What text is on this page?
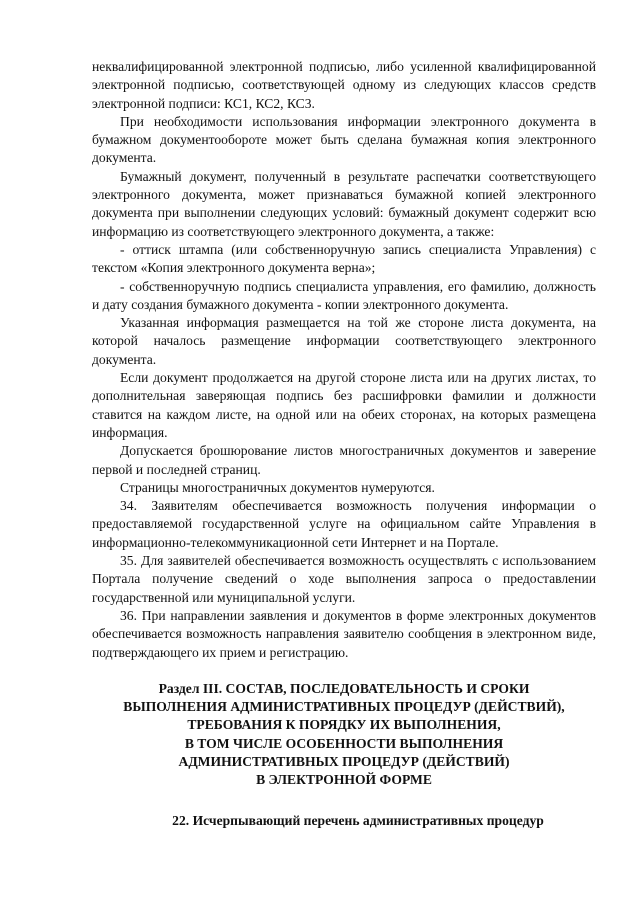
неквалифицированной электронной подписью, либо усиленной квалифицированной электронной подписью, соответствующей одному из следующих классов средств электронной подписи: КС1, КС2, КС3.

При необходимости использования информации электронного документа в бумажном документообороте может быть сделана бумажная копия электронного документа.

Бумажный документ, полученный в результате распечатки соответствующего электронного документа, может признаваться бумажной копией электронного документа при выполнении следующих условий: бумажный документ содержит всю информацию из соответствующего электронного документа, а также:

- оттиск штампа (или собственноручную запись специалиста Управления) с текстом «Копия электронного документа верна»;

- собственноручную подпись специалиста управления, его фамилию, должность и дату создания бумажного документа - копии электронного документа.

Указанная информация размещается на той же стороне листа документа, на которой началось размещение информации соответствующего электронного документа.

Если документ продолжается на другой стороне листа или на других листах, то дополнительная заверяющая подпись без расшифровки фамилии и должности ставится на каждом листе, на одной или на обеих сторонах, на которых размещена информация.

Допускается брошюрование листов многостраничных документов и заверение первой и последней страниц.

Страницы многостраничных документов нумеруются.

34. Заявителям обеспечивается возможность получения информации о предоставляемой государственной услуге на официальном сайте Управления в информационно-телекоммуникационной сети Интернет и на Портале.

35. Для заявителей обеспечивается возможность осуществлять с использованием Портала получение сведений о ходе выполнения запроса о предоставлении государственной или муниципальной услуги.

36. При направлении заявления и документов в форме электронных документов обеспечивается возможность направления заявителю сообщения в электронном виде, подтверждающего их прием и регистрацию.

Раздел III. СОСТАВ, ПОСЛЕДОВАТЕЛЬНОСТЬ И СРОКИ
ВЫПОЛНЕНИЯ АДМИНИСТРАТИВНЫХ ПРОЦЕДУР (ДЕЙСТВИЙ),
ТРЕБОВАНИЯ К ПОРЯДКУ ИХ ВЫПОЛНЕНИЯ,
В ТОМ ЧИСЛЕ ОСОБЕННОСТИ ВЫПОЛНЕНИЯ
АДМИНИСТРАТИВНЫХ ПРОЦЕДУР (ДЕЙСТВИЙ)
В ЭЛЕКТРОННОЙ ФОРМЕ
22. Исчерпывающий перечень административных процедур
